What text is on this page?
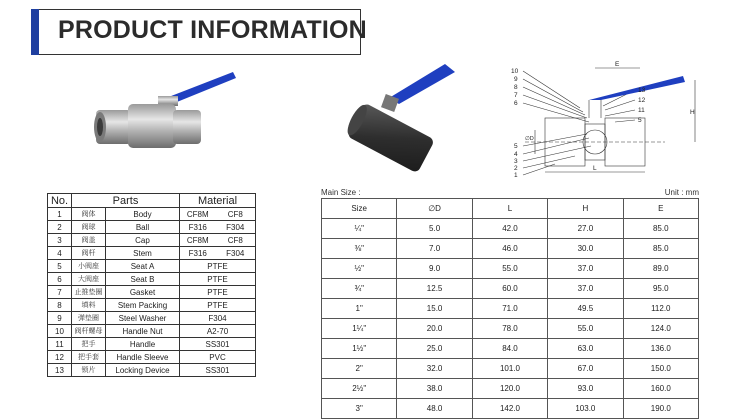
PRODUCT INFORMATION
10
9
8
7
6
5
4
3
2
1
13
12
11
5
E
H
L
∅D
No.	Parts		Material	
1	阀体	Body	CF8M	CF8
2	阀球	Ball	F316	F304
3	阀盖	Cap	CF8M	CF8
4	阀杆	Stem	F316	F304
5	小阀座	Seat A	PTFE	
6	大阀座	Seat B	PTFE	
7	止推垫圈	Gasket	PTFE	
8	填料	Stem Packing	PTFE	
9	弹垫圈	Steel Washer	F304	
10	阀杆螺母	Handle Nut	A2-70	
11	把手	Handle	SS301	
12	把手套	Handle Sleeve	PVC	
13	锁片	Locking Device	SS301	
Main Size :	Unit : mm
Size	∅D	L	H	E
¼"	5.0	42.0	27.0	85.0
⅜"	7.0	46.0	30.0	85.0
½"	9.0	55.0	37.0	89.0
¾"	12.5	60.0	37.0	95.0
1"	15.0	71.0	49.5	112.0
1¼"	20.0	78.0	55.0	124.0
1½"	25.0	84.0	63.0	136.0
2"	32.0	101.0	67.0	150.0
2½"	38.0	120.0	93.0	160.0
3"	48.0	142.0	103.0	190.0
